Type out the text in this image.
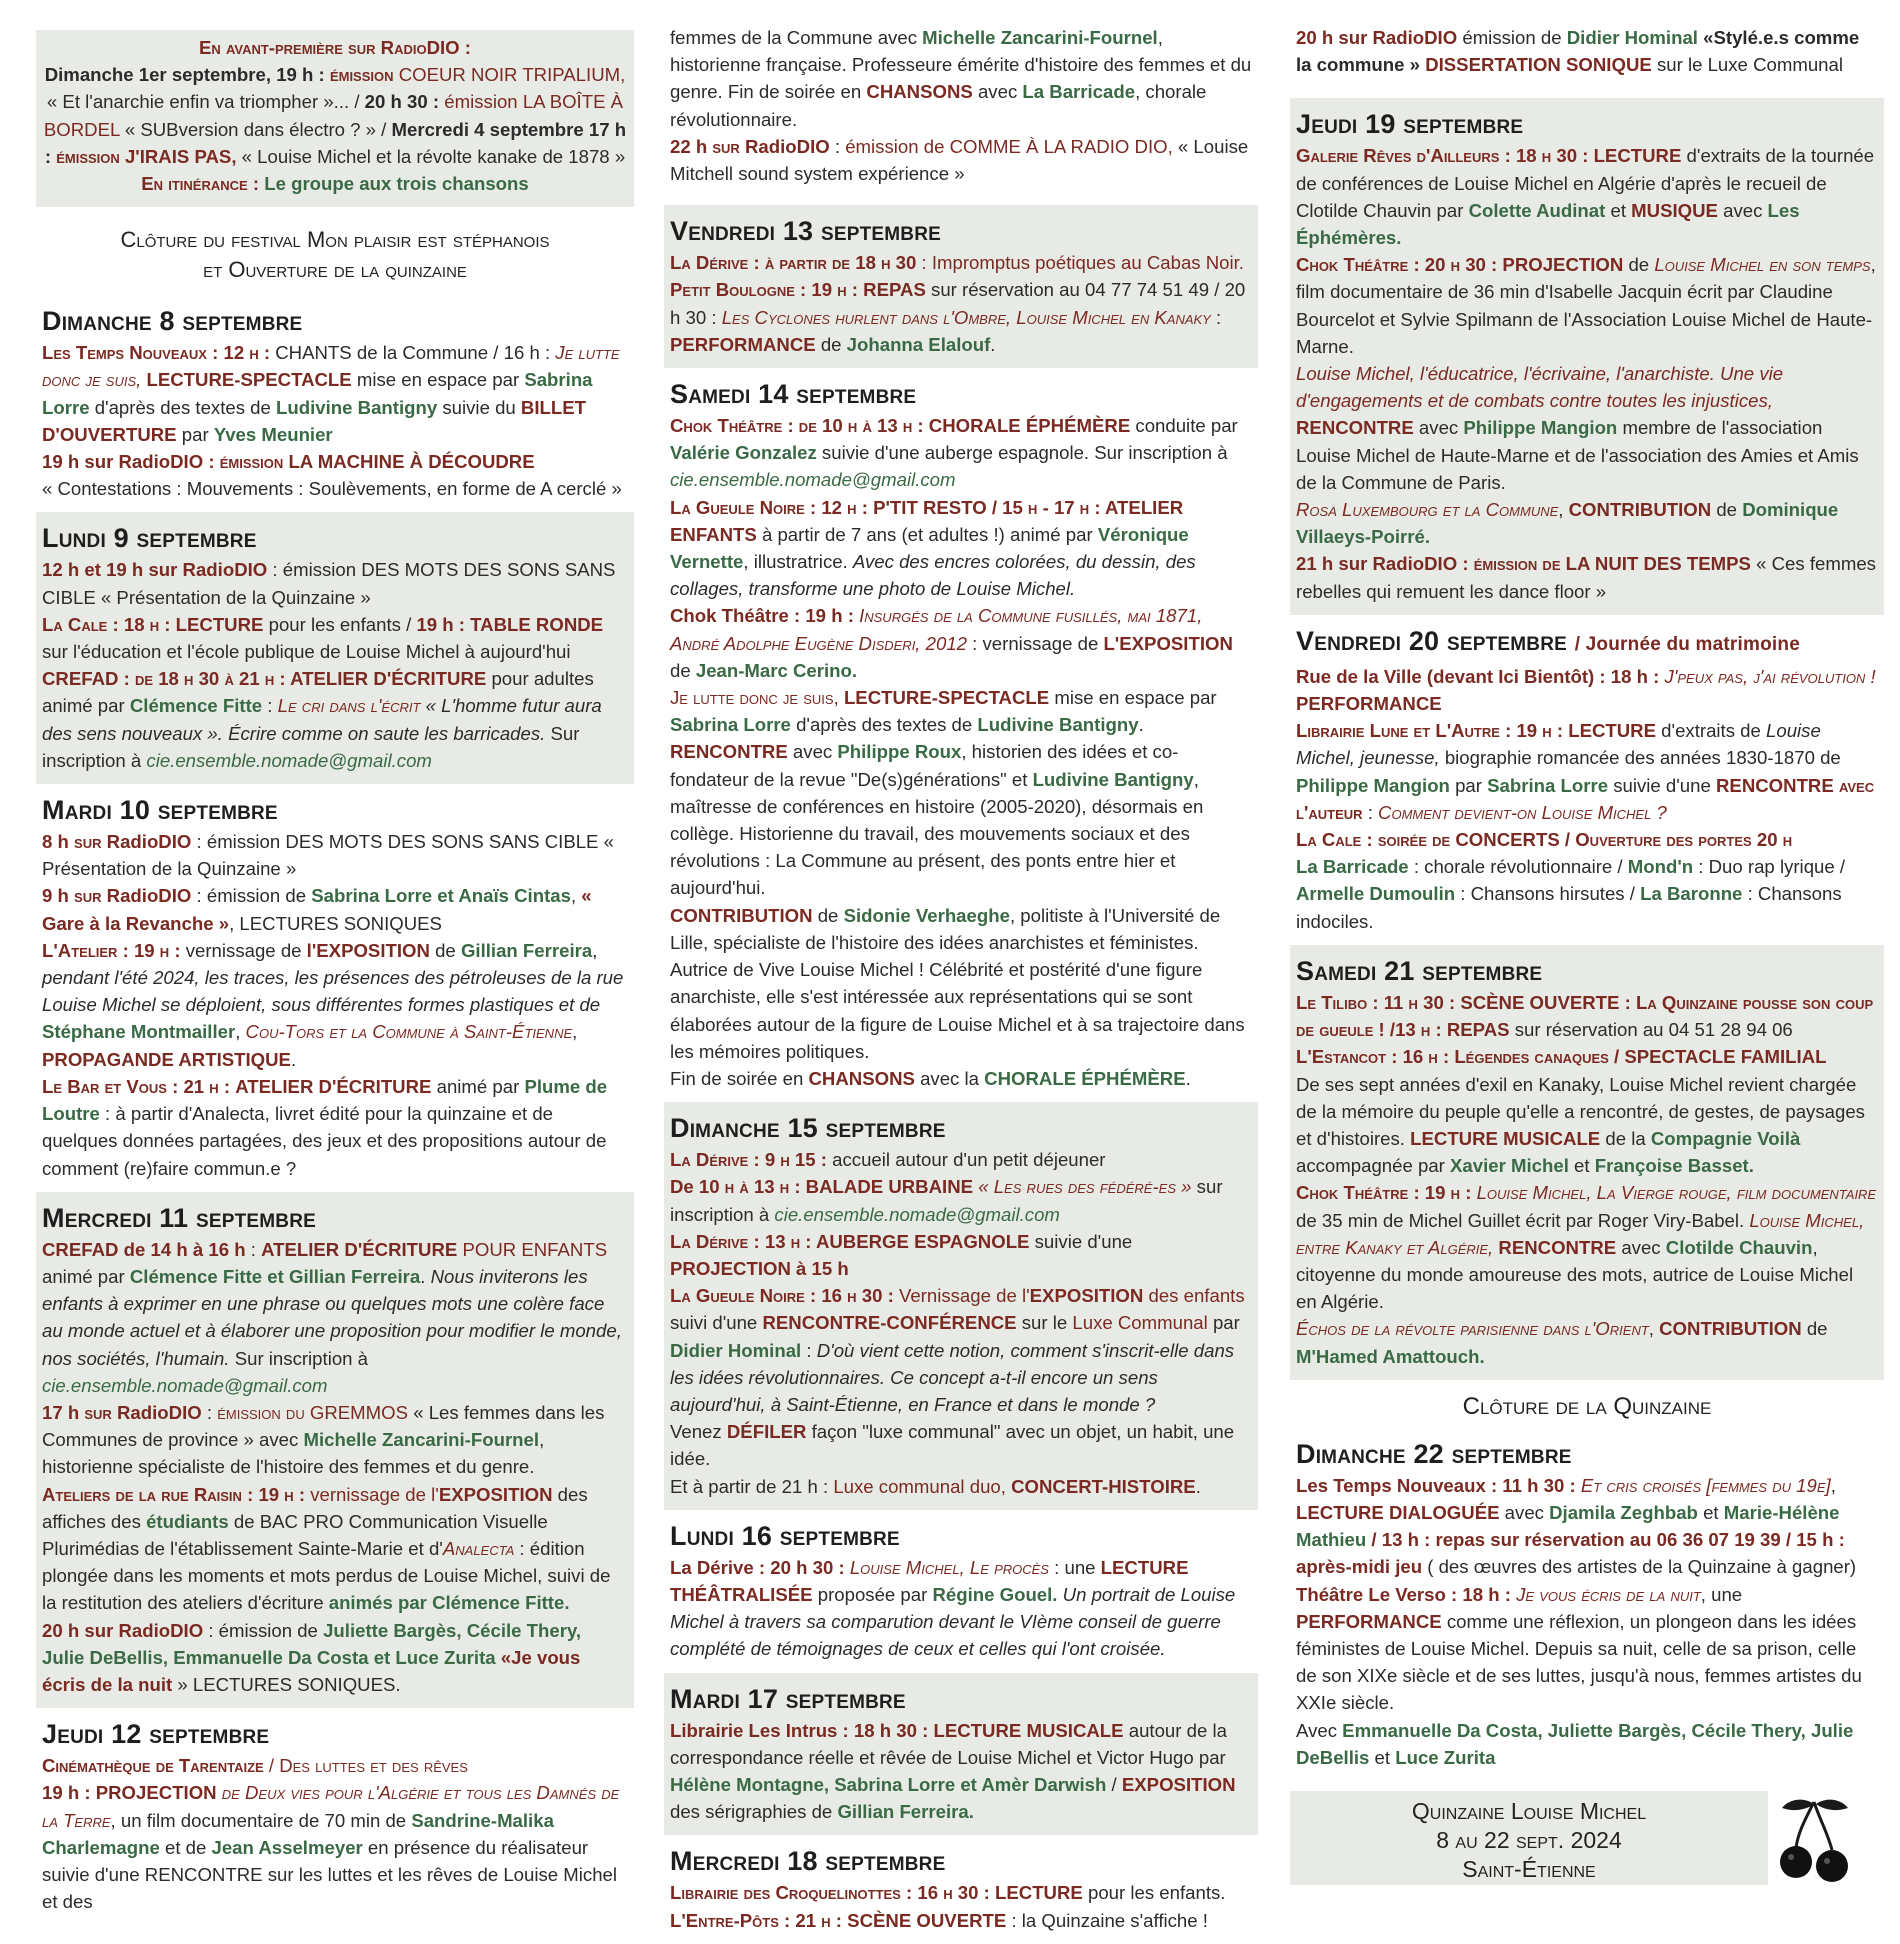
En avant-première sur RadioDIO :

Dimanche 1er septembre, 19 h : émission COEUR NOIR TRIPALIUM, « Et l'anarchie enfin va triompher »... / 20 h 30 : émission LA BOÎTE À BORDEL « SUBversion dans électro ? » / Mercredi 4 septembre 17 h : émission J'IRAIS PAS, « Louise Michel et la révolte kanake de 1878 »

En itinérance : Le groupe aux trois chansons

Clôture du festival Mon plaisir est stéphanois
et Ouverture de la quinzaine
Dimanche 8 septembre

Les Temps Nouveaux : 12 h : CHANTS de la Commune / 16 h : Je lutte donc je suis, LECTURE-SPECTACLE mise en espace par Sabrina Lorre d'après des textes de Ludivine Bantigny suivie du BILLET D'OUVERTURE par Yves Meunier

19 h sur RadioDIO : émission LA MACHINE À DÉCOUDRE

« Contestations : Mouvements : Soulèvements, en forme de A cerclé »

Lundi 9 septembre

12 h et 19 h sur RadioDIO : émission DES MOTS DES SONS SANS CIBLE « Présentation de la Quinzaine »

La Cale : 18 h : LECTURE pour les enfants / 19 h : TABLE RONDE sur l'éducation et l'école publique de Louise Michel à aujourd'hui

CREFAD : de 18 h 30 à 21 h : ATELIER D'ÉCRITURE pour adultes animé par Clémence Fitte : Le cri dans l'écrit « L'homme futur aura des sens nouveaux ». Écrire comme on saute les barricades. Sur inscription à cie.ensemble.nomade@gmail.com

Mardi 10 septembre

8 h sur RadioDIO : émission DES MOTS DES SONS SANS CIBLE « Présentation de la Quinzaine »

9 h sur RadioDIO : émission de Sabrina Lorre et Anaïs Cintas, « Gare à la Revanche », LECTURES SONIQUES

L'Atelier : 19 h : vernissage de l'EXPOSITION de Gillian Ferreira, pendant l'été 2024, les traces, les présences des pétroleuses de la rue Louise Michel se déploient, sous différentes formes plastiques et de Stéphane Montmailler, Cou-Tors et la Commune à Saint-Étienne, PROPAGANDE ARTISTIQUE.

Le Bar et Vous : 21 h : ATELIER D'ÉCRITURE animé par Plume de Loutre : à partir d'Analecta, livret édité pour la quinzaine et de quelques données partagées, des jeux et des propositions autour de comment (re)faire commun.e ?

Mercredi 11 septembre

CREFAD de 14 h à 16 h : ATELIER D'ÉCRITURE POUR ENFANTS animé par Clémence Fitte et Gillian Ferreira. Nous inviterons les enfants à exprimer en une phrase ou quelques mots une colère face au monde actuel et à élaborer une proposition pour modifier le monde, nos sociétés, l'humain. Sur inscription à cie.ensemble.nomade@gmail.com

17 h sur RadioDIO : émission du GREMMOS « Les femmes dans les Communes de province » avec Michelle Zancarini-Fournel, historienne spécialiste de l'histoire des femmes et du genre.

Ateliers de la rue Raisin : 19 h : vernissage de l'EXPOSITION des affiches des étudiants de BAC PRO Communication Visuelle Plurimédias de l'établissement Sainte-Marie et d'Analecta : édition plongée dans les moments et mots perdus de Louise Michel, suivi de la restitution des ateliers d'écriture animés par Clémence Fitte.

20 h sur RadioDIO : émission de Juliette Bargès, Cécile Thery, Julie DeBellis, Emmanuelle Da Costa et Luce Zurita «Je vous écris de la nuit » LECTURES SONIQUES.

Jeudi 12 septembre

Cinémathèque de Tarentaize / Des luttes et des rêves

19 h : PROJECTION de Deux vies pour l'Algérie et tous les Damnés de la Terre, un film documentaire de 70 min de Sandrine-Malika Charlemagne et de Jean Asselmeyer en présence du réalisateur suivie d'une RENCONTRE sur les luttes et les rêves de Louise Michel et des

femmes de la Commune avec Michelle Zancarini-Fournel, historienne française. Professeure émérite d'histoire des femmes et du genre. Fin de soirée en CHANSONS avec La Barricade, chorale révolutionnaire.

22 h sur RadioDIO : émission de COMME À LA RADIO DIO, « Louise Mitchell sound system expérience »

Vendredi 13 septembre

La Dérive : à partir de 18 h 30 : Impromptus poétiques au Cabas Noir.

Petit Boulogne : 19 h : REPAS sur réservation au 04 77 74 51 49 / 20 h 30 : Les Cyclones hurlent dans l'Ombre, Louise Michel en Kanaky : PERFORMANCE de Johanna Elalouf.

Samedi 14 septembre

Chok Théâtre : de 10 h à 13 h : CHORALE ÉPHÉMÈRE conduite par Valérie Gonzalez suivie d'une auberge espagnole. Sur inscription à cie.ensemble.nomade@gmail.com

La Gueule Noire : 12 h : P'TIT RESTO / 15 h - 17 h : ATELIER ENFANTS à partir de 7 ans (et adultes !) animé par Véronique Vernette, illustratrice. Avec des encres colorées, du dessin, des collages, transforme une photo de Louise Michel.

Chok Théâtre : 19 h : Insurgés de la Commune fusillés, mai 1871, André Adolphe Eugène Disderi, 2012 : vernissage de L'EXPOSITION de Jean-Marc Cerino.

Je lutte donc je suis, LECTURE-SPECTACLE mise en espace par Sabrina Lorre d'après des textes de Ludivine Bantigny.

RENCONTRE avec Philippe Roux, historien des idées et co-fondateur de la revue "De(s)générations" et Ludivine Bantigny, maîtresse de conférences en histoire (2005-2020), désormais en collège. Historienne du travail, des mouvements sociaux et des révolutions : La Commune au présent, des ponts entre hier et aujourd'hui.

CONTRIBUTION de Sidonie Verhaeghe, politiste à l'Université de Lille, spécialiste de l'histoire des idées anarchistes et féministes. Autrice de Vive Louise Michel ! Célébrité et postérité d'une figure anarchiste, elle s'est intéressée aux représentations qui se sont élaborées autour de la figure de Louise Michel et à sa trajectoire dans les mémoires politiques.

Fin de soirée en CHANSONS avec la CHORALE ÉPHÉMÈRE.

Dimanche 15 septembre

La Dérive : 9 h 15 : accueil autour d'un petit déjeuner

De 10 h à 13 h : BALADE URBAINE « Les rues des fédéré-es » sur inscription à cie.ensemble.nomade@gmail.com

La Dérive : 13 h : AUBERGE ESPAGNOLE suivie d'une PROJECTION à 15 h

La Gueule Noire : 16 h 30 : Vernissage de l'EXPOSITION des enfants suivi d'une RENCONTRE-CONFÉRENCE sur le Luxe Communal par Didier Hominal : D'où vient cette notion, comment s'inscrit-elle dans les idées révolutionnaires. Ce concept a-t-il encore un sens aujourd'hui, à Saint-Étienne, en France et dans le monde ?

Venez DÉFILER façon "luxe communal" avec un objet, un habit, une idée.

Et à partir de 21 h : Luxe communal duo, CONCERT-HISTOIRE.

Lundi 16 septembre

La Dérive : 20 h 30 : Louise Michel, Le procès : une LECTURE THÉÂTRALISÉE proposée par Régine Gouel. Un portrait de Louise Michel à travers sa comparution devant le VIème conseil de guerre complété de témoignages de ceux et celles qui l'ont croisée.

Mardi 17 septembre

Librairie Les Intrus : 18 h 30 : LECTURE MUSICALE autour de la correspondance réelle et rêvée de Louise Michel et Victor Hugo par Hélène Montagne, Sabrina Lorre et Amèr Darwish / EXPOSITION des sérigraphies de Gillian Ferreira.

Mercredi 18 septembre

Librairie des Croquelinottes : 16 h 30 : LECTURE pour les enfants.

L'Entre-Pôts : 21 h : SCÈNE OUVERTE : la Quinzaine s'affiche !

20 h sur RadioDIO émission de Didier Hominal «Stylé.e.s comme la commune » DISSERTATION SONIQUE sur le Luxe Communal

Jeudi 19 septembre

Galerie Rêves d'Ailleurs : 18 h 30 : LECTURE d'extraits de la tournée de conférences de Louise Michel en Algérie d'après le recueil de Clotilde Chauvin par Colette Audinat et MUSIQUE avec Les Éphémères.

Chok Théâtre : 20 h 30 : PROJECTION de Louise Michel en son temps, film documentaire de 36 min d'Isabelle Jacquin écrit par Claudine Bourcelot et Sylvie Spilmann de l'Association Louise Michel de Haute-Marne.

Louise Michel, l'éducatrice, l'écrivaine, l'anarchiste. Une vie d'engagements et de combats contre toutes les injustices,

RENCONTRE avec Philippe Mangion membre de l'association Louise Michel de Haute-Marne et de l'association des Amies et Amis de la Commune de Paris.

Rosa Luxembourg et la Commune, CONTRIBUTION de Dominique Villaeys-Poirré.

21 h sur RadioDIO : émission de LA NUIT DES TEMPS « Ces femmes rebelles qui remuent les dance floor »

Vendredi 20 septembre / Journée du matrimoine

Rue de la Ville (devant Ici Bientôt) : 18 h : J'peux pas, j'ai révolution ! PERFORMANCE

Librairie Lune et L'Autre : 19 h : LECTURE d'extraits de Louise Michel, jeunesse, biographie romancée des années 1830-1870 de Philippe Mangion par Sabrina Lorre suivie d'une RENCONTRE avec l'auteur : Comment devient-on Louise Michel ?

La Cale : soirée de CONCERTS / Ouverture des portes 20 h

La Barricade : chorale révolutionnaire / Mond'n : Duo rap lyrique / Armelle Dumoulin : Chansons hirsutes / La Baronne : Chansons indociles.

Samedi 21 septembre

Le Tilibo : 11 h 30 : SCÈNE OUVERTE : La Quinzaine pousse son coup de gueule ! /13 h : REPAS sur réservation au 04 51 28 94 06

L'Estancot : 16 h : Légendes canaques / SPECTACLE FAMILIAL

De ses sept années d'exil en Kanaky, Louise Michel revient chargée de la mémoire du peuple qu'elle a rencontré, de gestes, de paysages et d'histoires. LECTURE MUSICALE de la Compagnie Voilà accompagnée par Xavier Michel et Françoise Basset.

Chok Théâtre : 19 h : Louise Michel, La Vierge rouge, film documentaire de 35 min de Michel Guillet écrit par Roger Viry-Babel. Louise Michel, entre Kanaky et Algérie, RENCONTRE avec Clotilde Chauvin, citoyenne du monde amoureuse des mots, autrice de Louise Michel en Algérie.

Échos de la révolte parisienne dans l'Orient, CONTRIBUTION de M'Hamed Amattouch.

Clôture de la Quinzaine
Dimanche 22 septembre

Les Temps Nouveaux : 11 h 30 : Et cris croisés [femmes du 19e], LECTURE DIALOGUÉE avec Djamila Zeghbab et Marie-Hélène Mathieu / 13 h : repas sur réservation au 06 36 07 19 39 / 15 h : après-midi jeu ( des œuvres des artistes de la Quinzaine à gagner)

Théâtre Le Verso : 18 h : Je vous écris de la nuit, une PERFORMANCE comme une réflexion, un plongeon dans les idées féministes de Louise Michel. Depuis sa nuit, celle de sa prison, celle de son XIXe siècle et de ses luttes, jusqu'à nous, femmes artistes du XXIe siècle.

Avec Emmanuelle Da Costa, Juliette Bargès, Cécile Thery, Julie DeBellis et Luce Zurita

Quinzaine Louise Michel
8 au 22 sept. 2024
Saint-Étienne
